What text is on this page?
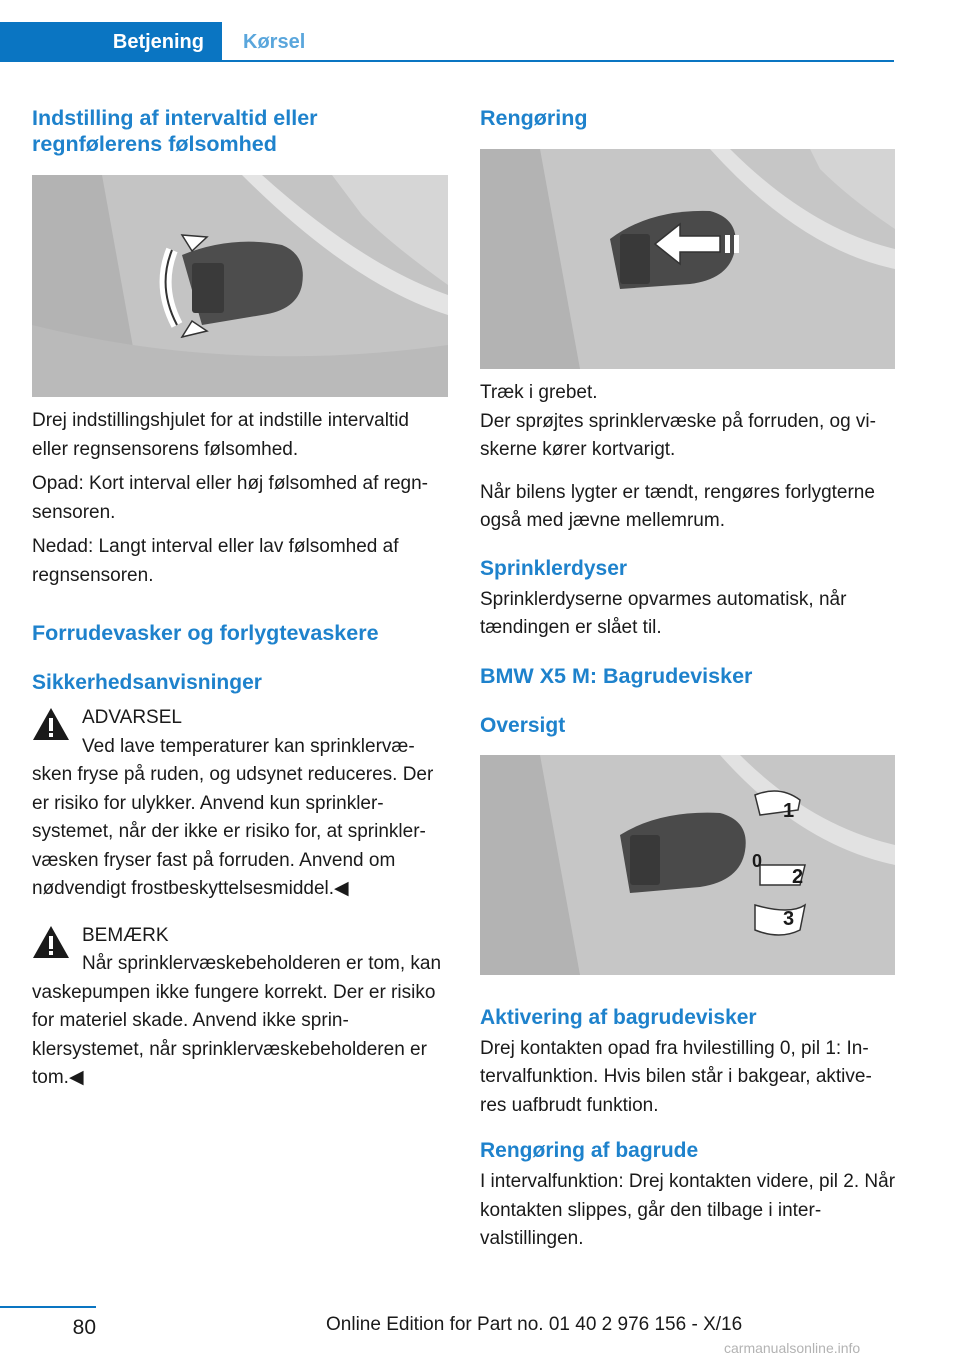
Betjening	Kørsel
Indstilling af intervaltid eller regnfølerens følsomhed

Drej indstillingshjulet for at indstille intervaltid eller regnsensorens følsomhed.

Opad: Kort interval eller høj følsomhed af regn-sensoren.

Nedad: Langt interval eller lav følsomhed af regnsensoren.

Forrudevasker og forlygtevaskere
Sikkerhedsanvisninger

ADVARSEL

Ved lave temperaturer kan sprinklervæ-sken fryse på ruden, og udsynet reduceres. Der er risiko for ulykker. Anvend kun sprinkler-systemet, når der ikke er risiko for, at sprinkler-væsken fryser fast på forruden. Anvend om nødvendigt frostbeskyttelsesmiddel.◀

BEMÆRK

Når sprinklervæskebeholderen er tom, kan vaskepumpen ikke fungere korrekt. Der er risiko for materiel skade. Anvend ikke sprin-klersystemet, når sprinklervæskebeholderen er tom.◀

Rengøring

Træk i grebet.

Der sprøjtes sprinklervæske på forruden, og vi-skerne kører kortvarigt.

Når bilens lygter er tændt, rengøres forlygterne også med jævne mellemrum.

Sprinklerdyser

Sprinklerdyserne opvarmes automatisk, når tændingen er slået til.

BMW X5 M: Bagrudevisker
Oversigt
1
0
2
3
Aktivering af bagrudevisker

Drej kontakten opad fra hvilestilling 0, pil 1: In-tervalfunktion. Hvis bilen står i bakgear, aktive-res uafbrudt funktion.

Rengøring af bagrude

I intervalfunktion: Drej kontakten videre, pil 2. Når kontakten slippes, går den tilbage i inter-valstillingen.

80	Online Edition for Part no. 01 40 2 976 156 - X/16
carmanualsonline.info
